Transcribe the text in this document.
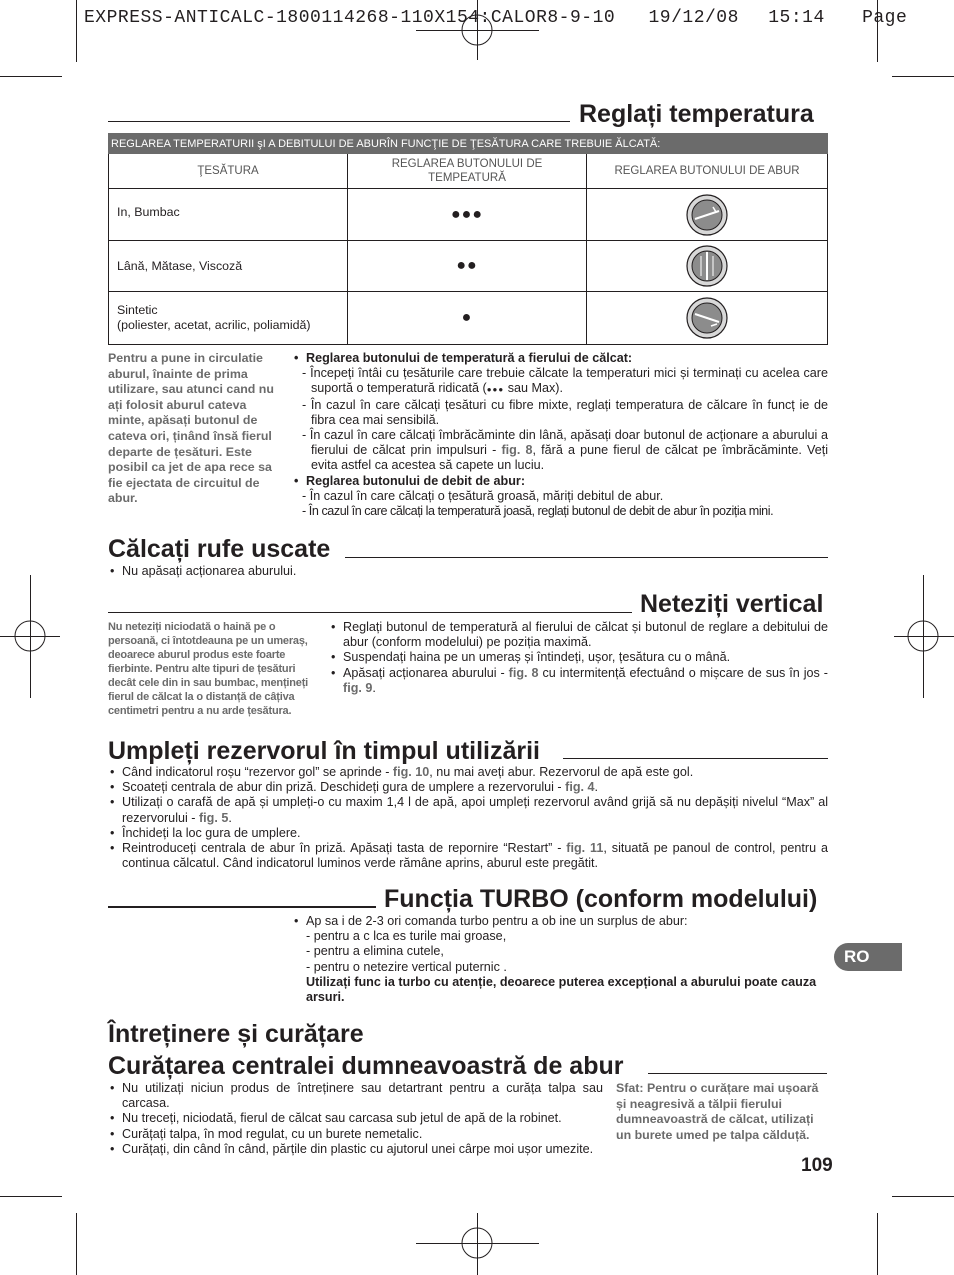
EXPRESS-ANTICALC-1800114268-110X154:CALOR8-9-10 19/12/08 15:14 Page
Reglați temperatura
REGLAREA TEMPERATURII şI A DEBITULUI DE ABURÎN FUNCŢIE DE ŢESĂTURA CARE TREBUIE ĂLCATĂ:		
ŢESĂTURA	REGLAREA BUTONULUI DE TEMPEATURĂ	REGLAREA BUTONULUI DE ABUR
In, Bumbac	●●●	

Lână, Mătase, Viscoză	●●	

Sintetic
(poliester, acetat, acrilic, poliamidă)	●	
Pentru a pune in circulatie aburul, înainte de prima utilizare, sau atunci cand nu ați folosit aburul cateva minte, apăsați butonul de cateva ori, ținând însă fierul departe de țesături. Este posibil ca jet de apa rece sa fie ejectata de circuitul de abur.
• Reglarea butonului de temperatură a fierului de călcat:
- Începeți întâi cu țesăturile care trebuie călcate la temperaturi mici și terminați cu acelea care suportă o temperatură ridicată (●●● sau Max).
- În cazul în care călcați țesături cu fibre mixte, reglați temperatura de călcare în funcț ie de fibra cea mai sensibilă.
- În cazul în care călcați îmbrăcăminte din lână, apăsați doar butonul de acționare a aburului a fierului de călcat prin impulsuri - fig. 8, fără a pune fierul de călcat pe îmbrăcăminte. Veți evita astfel ca acestea să capete un luciu.
• Reglarea butonului de debit de abur:
- În cazul în care călcați o țesătură groasă, măriți debitul de abur.
- În cazul în care călcați la temperatură joasă, reglați butonul de debit de abur în poziția mini.
Călcați rufe uscate
• Nu apăsați acționarea aburului.
Neteziți vertical
Nu neteziți niciodată o haină pe o persoană, ci întotdeauna pe un umeraș, deoarece aburul produs este foarte fierbinte. Pentru alte tipuri de țesături decât cele din in sau bumbac, mențineți fierul de călcat la o distanță de câțiva centimetri pentru a nu arde țesătura.
• Reglați butonul de temperatură al fierului de călcat și butonul de reglare a debitului de abur (conform modelului) pe poziția maximă.
• Suspendați haina pe un umeraș și întindeți, ușor, țesătura cu o mână.
• Apăsați acționarea aburului - fig. 8 cu intermitență efectuând o mișcare de sus în jos - fig. 9.
Umpleți rezervorul în timpul utilizării
• Când indicatorul roșu “rezervor gol” se aprinde - fig. 10, nu mai aveți abur. Rezervorul de apă este gol.
• Scoateți centrala de abur din priză. Deschideți gura de umplere a rezervorului - fig. 4.
• Utilizați o carafă de apă și umpleți-o cu maxim 1,4 l de apă, apoi umpleți rezervorul având grijă să nu depășiți nivelul “Max” al rezervorului - fig. 5.
• Închideți la loc gura de umplere.
• Reintroduceți centrala de abur în priză. Apăsați tasta de repornire “Restart” - fig. 11, situată pe panoul de control, pentru a continua călcatul. Când indicatorul luminos verde rămâne aprins, aburul este pregătit.
Funcția TURBO (conform modelului)
• Ap sa i de 2-3 ori comanda turbo pentru a ob ine un surplus de abur:
- pentru a c lca es turile mai groase,
- pentru a elimina cutele,
- pentru o netezire vertical puternic .
Utilizați func ia turbo cu atenție, deoarece puterea excepțional a aburului poate cauza arsuri.
RO
Întreținere și curățare
Curățarea centralei dumneavoastră de abur
• Nu utilizați niciun produs de întreținere sau detartrant pentru a curăța talpa sau carcasa.
• Nu treceți, niciodată, fierul de călcat sau carcasa sub jetul de apă de la robinet.
• Curățați talpa, în mod regulat, cu un burete nemetalic.
• Curățați, din când în când, părțile din plastic cu ajutorul unei cârpe moi ușor umezite.
Sfat: Pentru o curățare mai ușoară și neagresivă a tălpii fierului dumneavoastră de călcat, utilizați un burete umed pe talpa călduță.
109
